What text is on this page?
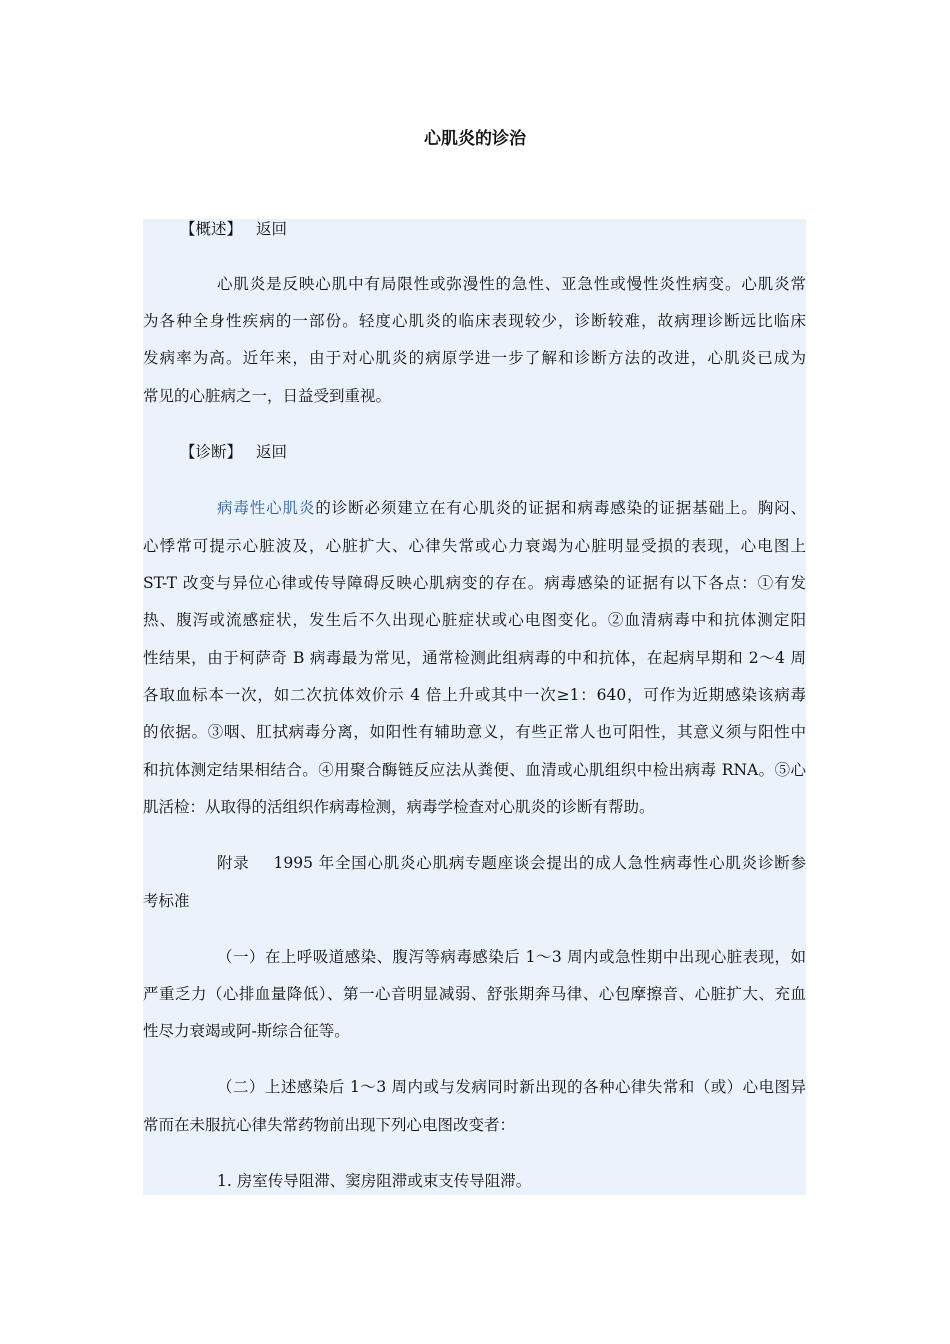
心肌炎的诊治
【概述】 返回
心肌炎是反映心肌中有局限性或弥漫性的急性、亚急性或慢性炎性病变。心肌炎常
为各种全身性疾病的一部份。轻度心肌炎的临床表现较少，诊断较难，故病理诊断远比临床
发病率为高。近年来，由于对心肌炎的病原学进一步了解和诊断方法的改进，心肌炎已成为
常见的心脏病之一，日益受到重视。
【诊断】 返回
病毒性心肌炎的诊断必须建立在有心肌炎的证据和病毒感染的证据基础上。胸闷、
心悸常可提示心脏波及，心脏扩大、心律失常或心力衰竭为心脏明显受损的表现，心电图上
ST-T 改变与异位心律或传导障碍反映心肌病变的存在。病毒感染的证据有以下各点：①有发
热、腹泻或流感症状，发生后不久出现心脏症状或心电图变化。②血清病毒中和抗体测定阳
性结果，由于柯萨奇 B 病毒最为常见，通常检测此组病毒的中和抗体，在起病早期和 2～4 周
各取血标本一次，如二次抗体效价示 4 倍上升或其中一次≥1：640，可作为近期感染该病毒
的依据。③咽、肛拭病毒分离，如阳性有辅助意义，有些正常人也可阳性，其意义须与阳性中
和抗体测定结果相结合。④用聚合酶链反应法从粪便、血清或心肌组织中检出病毒 RNA。⑤心
肌活检：从取得的活组织作病毒检测，病毒学检查对心肌炎的诊断有帮助。
附录 1995 年全国心肌炎心肌病专题座谈会提出的成人急性病毒性心肌炎诊断参
考标准
（一）在上呼吸道感染、腹泻等病毒感染后 1～3 周内或急性期中出现心脏表现，如
严重乏力（心排血量降低）、第一心音明显减弱、舒张期奔马律、心包摩擦音、心脏扩大、充血
性尽力衰竭或阿-斯综合征等。
（二）上述感染后 1～3 周内或与发病同时新出现的各种心律失常和（或）心电图异
常而在未服抗心律失常药物前出现下列心电图改变者：
1. 房室传导阻滞、窦房阻滞或束支传导阻滞。
